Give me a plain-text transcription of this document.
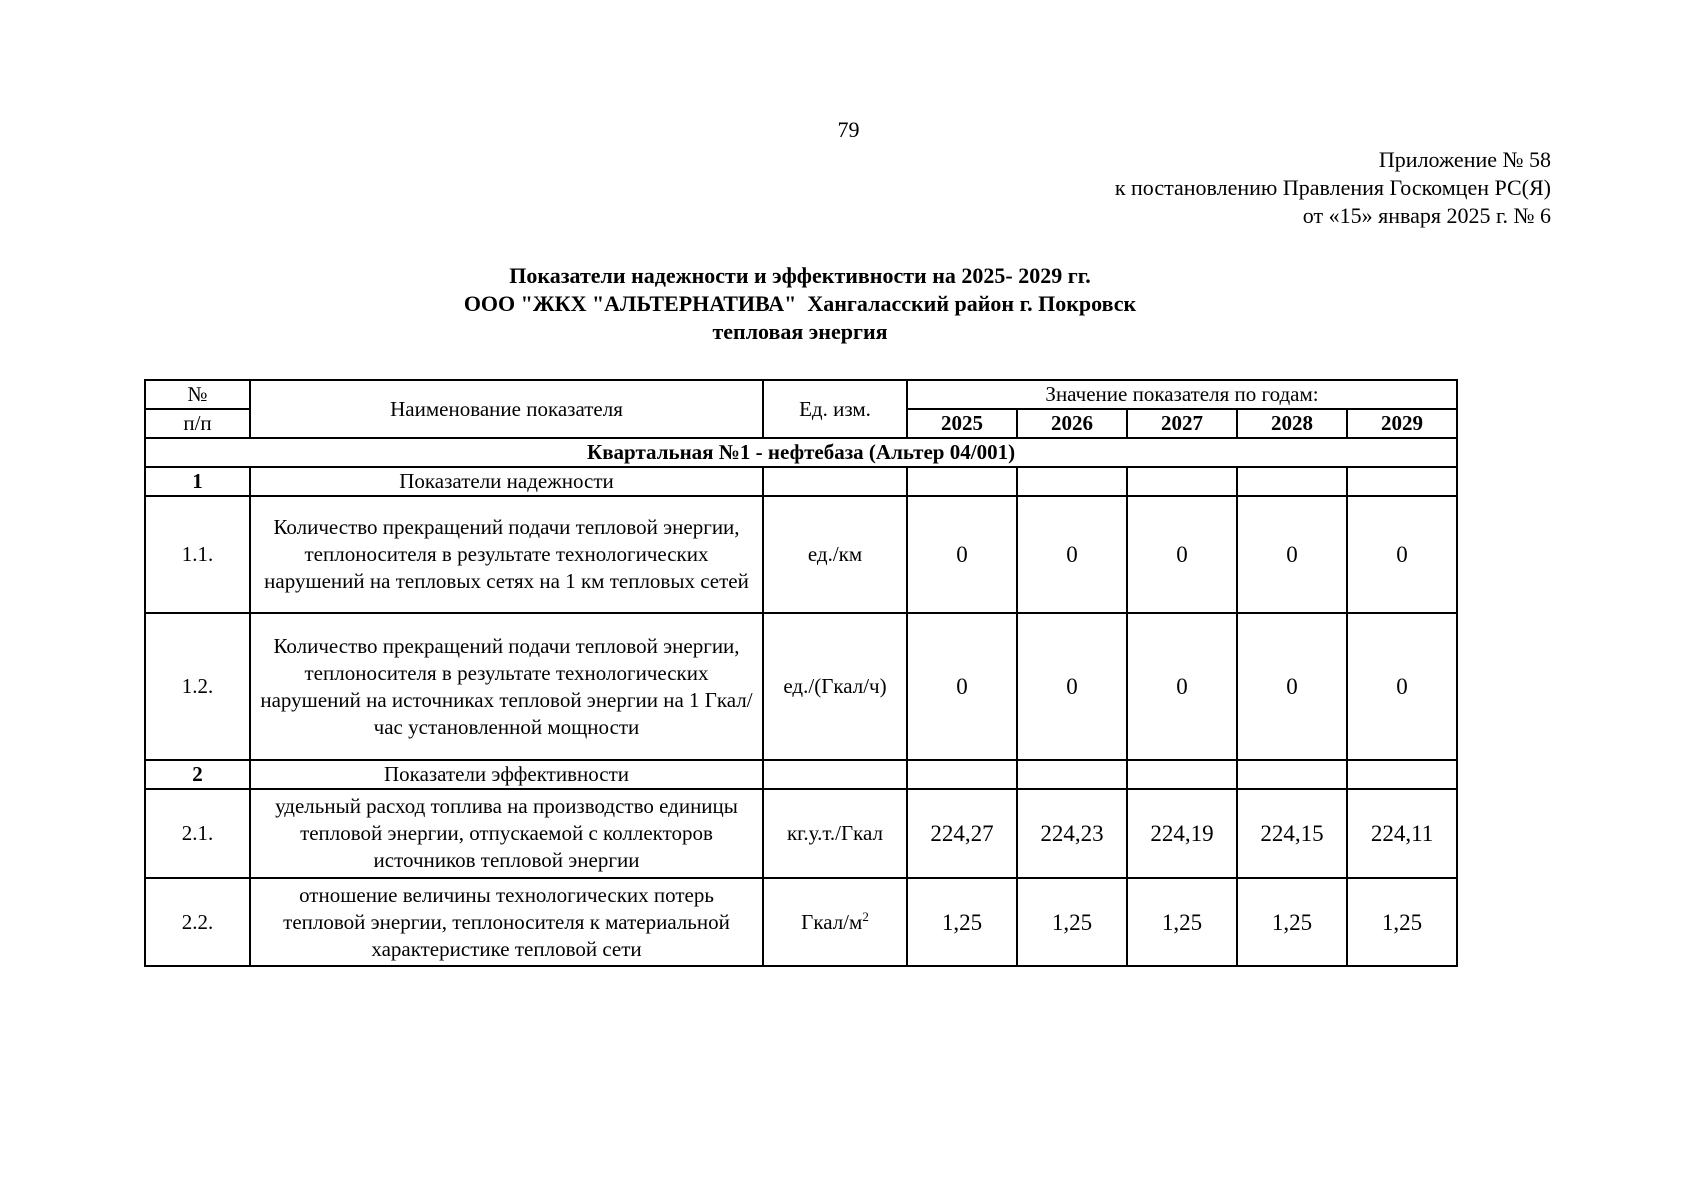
79
Приложение № 58
к постановлению Правления Госкомцен РС(Я)
от «15» января 2025 г. № 6
Показатели надежности и эффективности на 2025- 2029 гг.
ООО "ЖКХ "АЛЬТЕРНАТИВА"  Хангаласский район г. Покровск
тепловая энергия
№	Наименование показателя	Ед. изм.	Значение показателя по годам:				
п/п			2025	2026	2027	2028	2029
Квартальная №1 - нефтебаза (Альтер 04/001)							
1	Показатели надежности						
1.1.	Количество прекращений подачи тепловой энергии, теплоносителя в результате технологических нарушений на тепловых сетях на 1 км тепловых сетей	ед./км	0	0	0	0	0
1.2.	Количество прекращений подачи тепловой энергии, теплоносителя в результате технологических нарушений на источниках тепловой энергии на 1 Гкал/час установленной мощности	ед./(Гкал/ч)	0	0	0	0	0
2	Показатели эффективности						
2.1.	удельный расход топлива на производство единицы тепловой энергии, отпускаемой с коллекторов источников тепловой энергии	кг.у.т./Гкал	224,27	224,23	224,19	224,15	224,11
2.2.	отношение величины технологических потерь тепловой энергии, теплоносителя к материальной характеристике тепловой сети	Гкал/$м^2$	1,25	1,25	1,25	1,25	1,25
